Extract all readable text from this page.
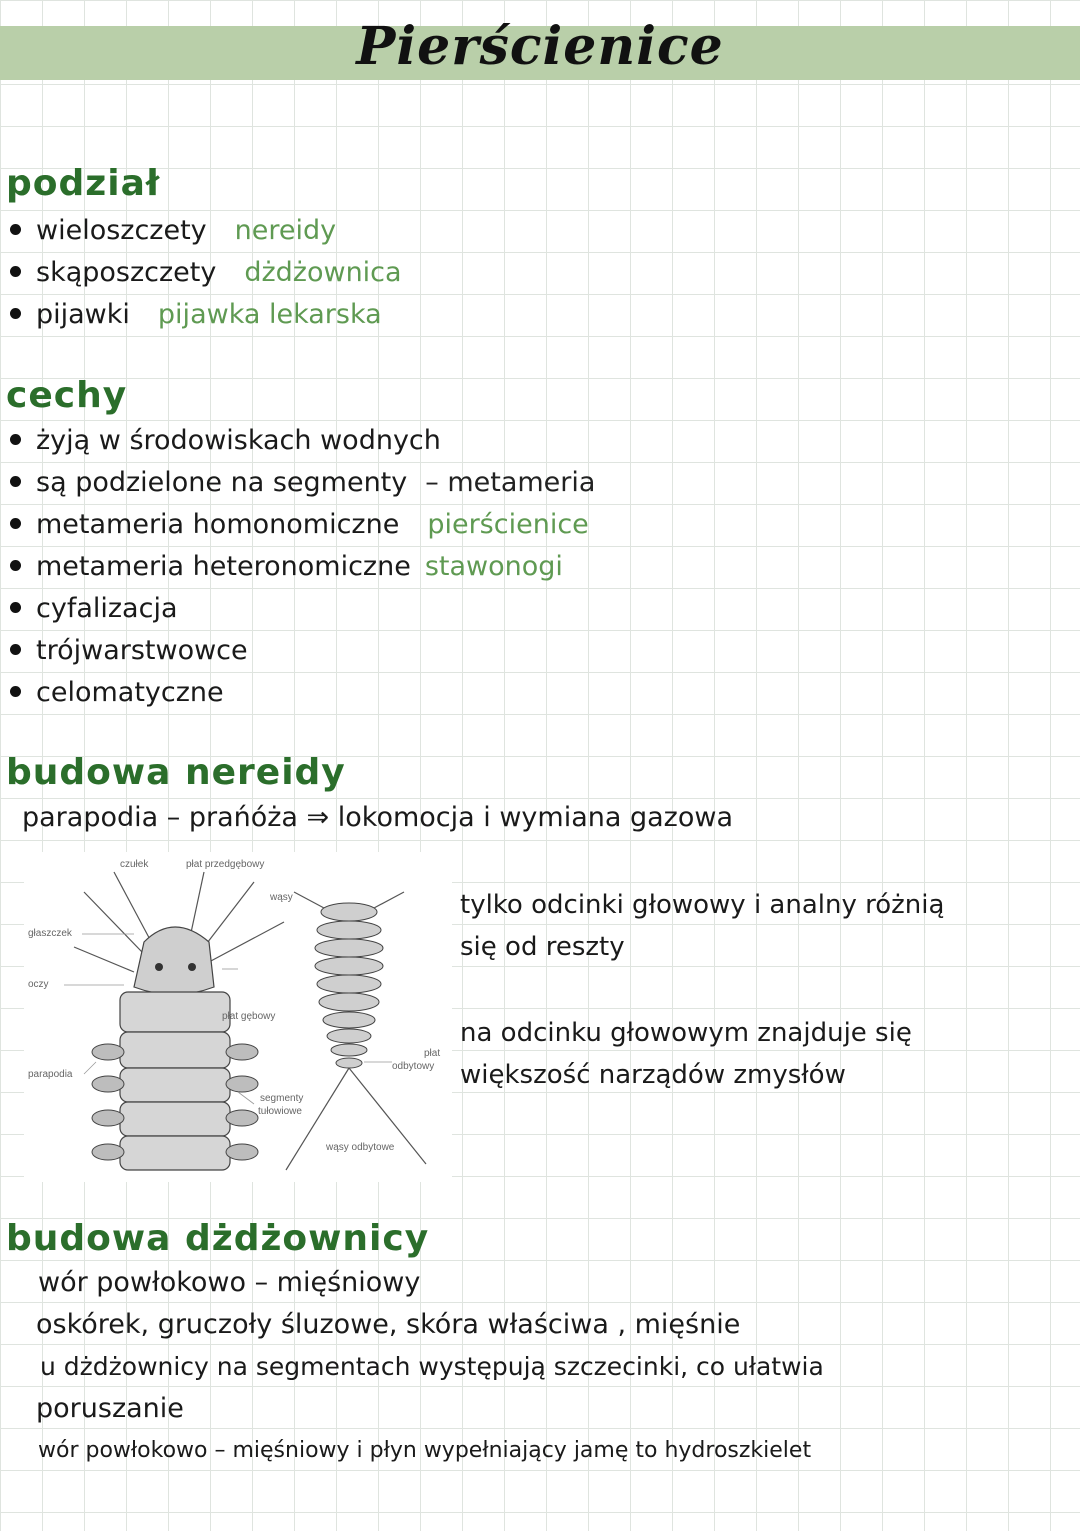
Pierścienice
podział
wieloszczety nereidy
skąposzczety dżdżownica
pijawki pijawka lekarska
cechy
żyją w środowiskach wodnych
są podzielone na segmenty – metameria
metameria homonomiczne pierścienice
metameria heteronomiczne stawonogi
cyfalizacja
trójwarstwowce
celomatyczne
budowa nereidy

parapodia – prańóża ⇒ lokomocja i wymiana gazowa

czułek	płat przedgębowy
wąsy
głaszczek
oczy
płat gębowy
parapodia
płat
odbytowy
segmenty
tułowiowe
wąsy odbytowe

tylko odcinki głowowy i analny różnią

się od reszty

na odcinku głowowym znajduje się

większość narządów zmysłów

budowa dżdżownicy

wór powłokowo – mięśniowy

oskórek, gruczoły śluzowe, skóra właściwa , mięśnie

u dżdżownicy na segmentach występują szczecinki, co ułatwia

poruszanie

wór powłokowo – mięśniowy i płyn wypełniający jamę to hydroszkielet
